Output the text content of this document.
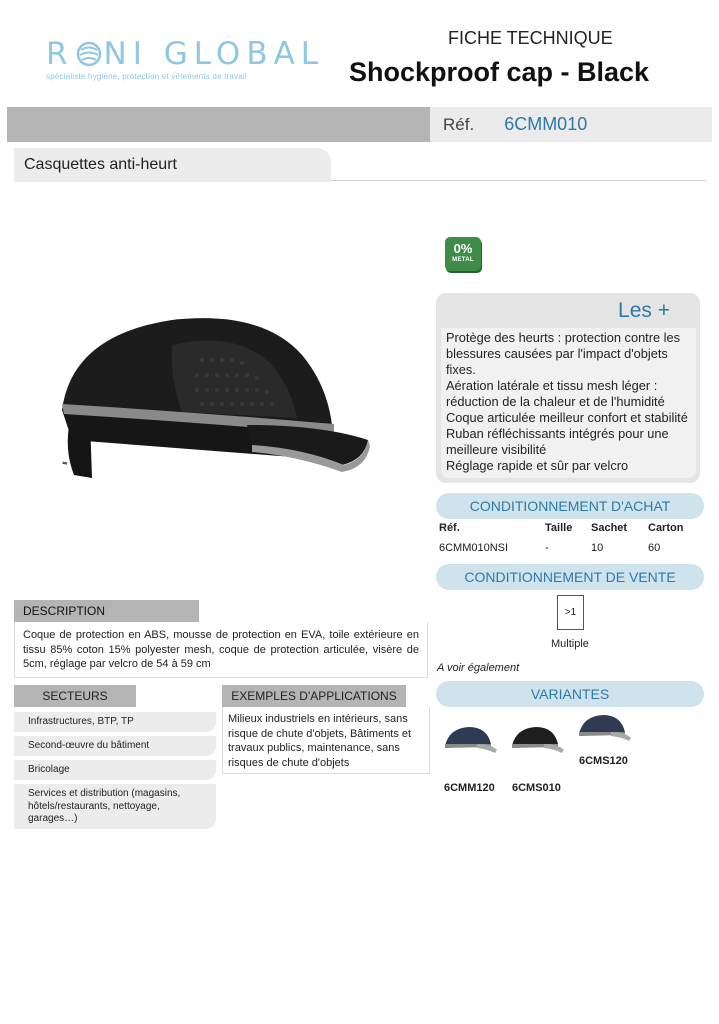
R NI GLOBAL
spécialiste hygiène, protection et vêtements de travail
FICHE TECHNIQUE
Shockproof cap - Black
Réf. 6CMM010
Casquettes anti-heurt
▮
0%
METAL
Les +
Protège des heurts : protection contre les
blessures causées par l'impact d'objets
fixes.
Aération latérale et tissu mesh léger :
réduction de la chaleur et de l'humidité
Coque articulée meilleur confort et stabilité
Ruban réfléchissants intégrés pour une
meilleure visibilité
Réglage rapide et sûr par velcro
CONDITIONNEMENT D'ACHAT
Réf.	Taille Sachet Carton
6CMM010NSI	-	10	60
CONDITIONNEMENT DE VENTE
>1
Multiple
A voir également
VARIANTES
6CMM120 6CMS010
6CMS120
DESCRIPTION
Coque de protection en ABS, mousse de protection en EVA, toile extérieure en tissu 85% coton 15% polyester mesh, coque de protection articulée, visère de 5cm, réglage par velcro de 54 à 59 cm
SECTEURS
Infrastructures, BTP, TP
Second-œuvre du bâtiment
Bricolage
Services et distribution (magasins, hôtels/restaurants, nettoyage, garages…)
EXEMPLES D'APPLICATIONS
Milieux industriels en intérieurs, sans risque de chute d'objets, Bâtiments et travaux publics, maintenance, sans risques de chute d'objets
